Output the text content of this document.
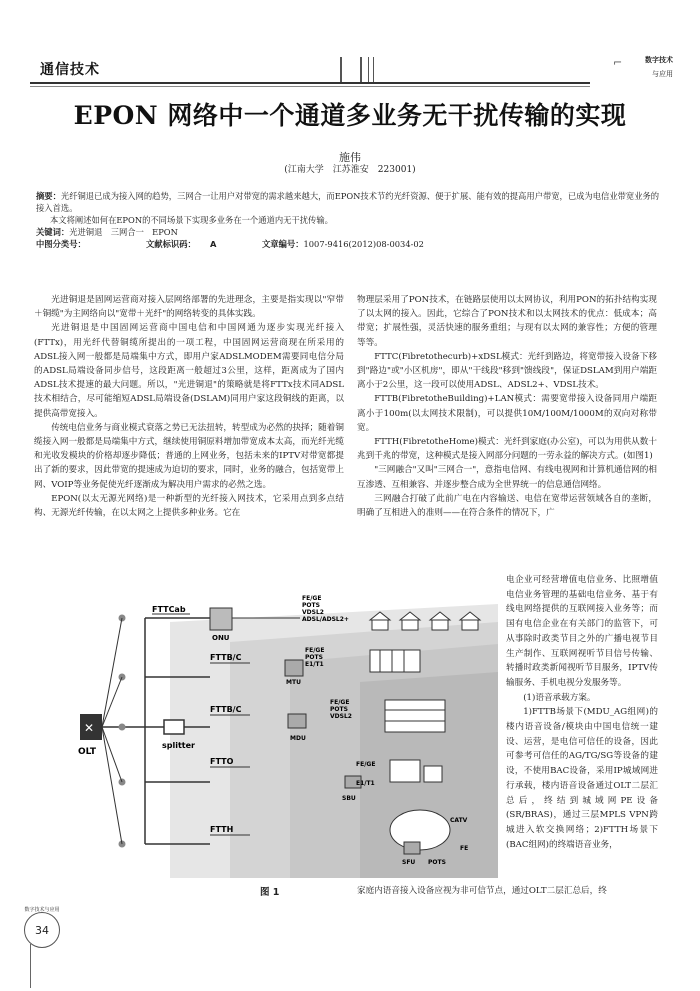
通信技术	⌐	数字技术
与应用
EPON 网络中一个通道多业务无干扰传输的实现
施伟
(江南大学　江苏淮安　223001)
摘要：光纤铜退已成为接入网的趋势，三网合一让用户对带宽的需求越来越大，而EPON技术节约光纤资源、便于扩展、能有效的提高用户带宽，已成为电信业带宽业务的接入首选。
本文将阐述如何在EPON的不同场景下实现多业务在一个通道内无干扰传输。
关键词：光进铜退　三网合一　EPON
中图分类号：	文献标识码：	A	文章编号： 1007-9416(2012)08-0034-02

光进铜退是固网运营商对接入层网络部署的先进理念，主要是指实现以"窄带＋铜缆"为主网络向以"宽带＋光纤"的网络转变的具体实践。

光进铜退是中国固网运营商中国电信和中国网通为逐步实现光纤接入(FTTx)，用光纤代替铜缆所提出的一项工程，中国固网运营商现在所采用的ADSL接入网一般都是局端集中方式，即用户家ADSLMODEM需要同电信分局的ADSL局端设备同步信号，这段距离一般超过3公里，这样，距离成为了国内ADSL技术提速的最大问题。所以，"光进铜退"的策略就是将FTTx技术同ADSL技术相结合，尽可能缩短ADSL局端设备(DSLAM)同用户家这段铜线的距离，以提供高带宽接入。

传统电信业务与商业模式衰落之势已无法扭转，转型成为必然的抉择；随着铜缆接入网一般都是局端集中方式，继续使用铜原料增加带宽成本太高，而光纤光缆和光收发模块的价格却逐步降低；普通的上网业务，包括未来的IPTV对带宽都提出了新的要求，因此带宽的提速成为迫切的要求，同时，业务的融合，包括宽带上网、VOIP等业务促使光纤逐渐成为解决用户需求的必然之选。

EPON(以太无源光网络)是一种新型的光纤接入网技术，它采用点到多点结构、无源光纤传输，在以太网之上提供多种业务。它在

物理层采用了PON技术，在链路层使用以太网协议，利用PON的拓扑结构实现了以太网的接入。因此，它综合了PON技术和以太网技术的优点：低成本；高带宽；扩展性强，灵活快速的服务重组；与现有以太网的兼容性；方便的管理等等。

FTTC(Fibretothecurb)+xDSL模式：光纤到路边，将宽带接入设备下移到"路边"或"小区机房"，即从"干线段"移到"馈线段"，保证DSLAM到用户端距离小于2公里，这一段可以使用ADSL、ADSL2+、VDSL技术。

FTTB(FibretotheBuilding)+LAN模式：需要宽带接入设备同用户端距离小于100m(以太网技术限制)，可以提供10M/100M/1000M的双向对称带宽。

FTTH(FibretotheHome)模式：光纤到家庭(办公室)，可以为用供从数十兆到千兆的带宽，这种模式是接入网部分问题的一劳永益的解决方式。(如图1)

"三网融合"又叫"三网合一"，意指电信网、有线电视网和计算机通信网的相互渗透、互相兼容、并逐步整合成为全世界统一的信息通信网络。

三网融合打破了此前广电在内容输送、电信在宽带运营领域各自的垄断，明确了互相进入的准则——在符合条件的情况下，广

电企业可经营增值电信业务、比照增值电信业务管理的基础电信业务、基于有线电网络提供的互联网接入业务等；而国有电信企业在有关部门的监管下，可从事除时政类节目之外的广播电视节目生产制作、互联网视听节目信号传输、转播时政类新闻视听节目服务，IPTV传输服务、手机电视分发服务等。

(1)语音承载方案。

1)FTTB场景下(MDU_AG组网)的楼内语音设备/模块由中国电信统一建设、运营，是电信可信任的设备，因此可参考可信任的AG/TG/SG等设备的建设，不使用BAC设备，采用IP城域网进行承载，楼内语音设备通过OLT二层汇总后，终结到城域网PE设备(SR/BRAS)，通过三层MPLS VPN跨城进入软交换网络；2)FTTH场景下(BAC组网)的终端语音业务，

家庭内语音接入设备应视为非可信节点，通过OLT二层汇总后，终
✕
OLT
splitter
FTTCab
ONU
FE/GE
POTS
VDSL2
ADSL/ADSL2+
FTTB/C
MTU
FE/GE
POTS
E1/T1
FTTB/C
MDU
FE/GE
POTS
VDSL2
FTTO
SBU
FE/GE
E1/T1
FTTH
SFU
CATV
FE
POTS
图 1
数字技术与应用
34
